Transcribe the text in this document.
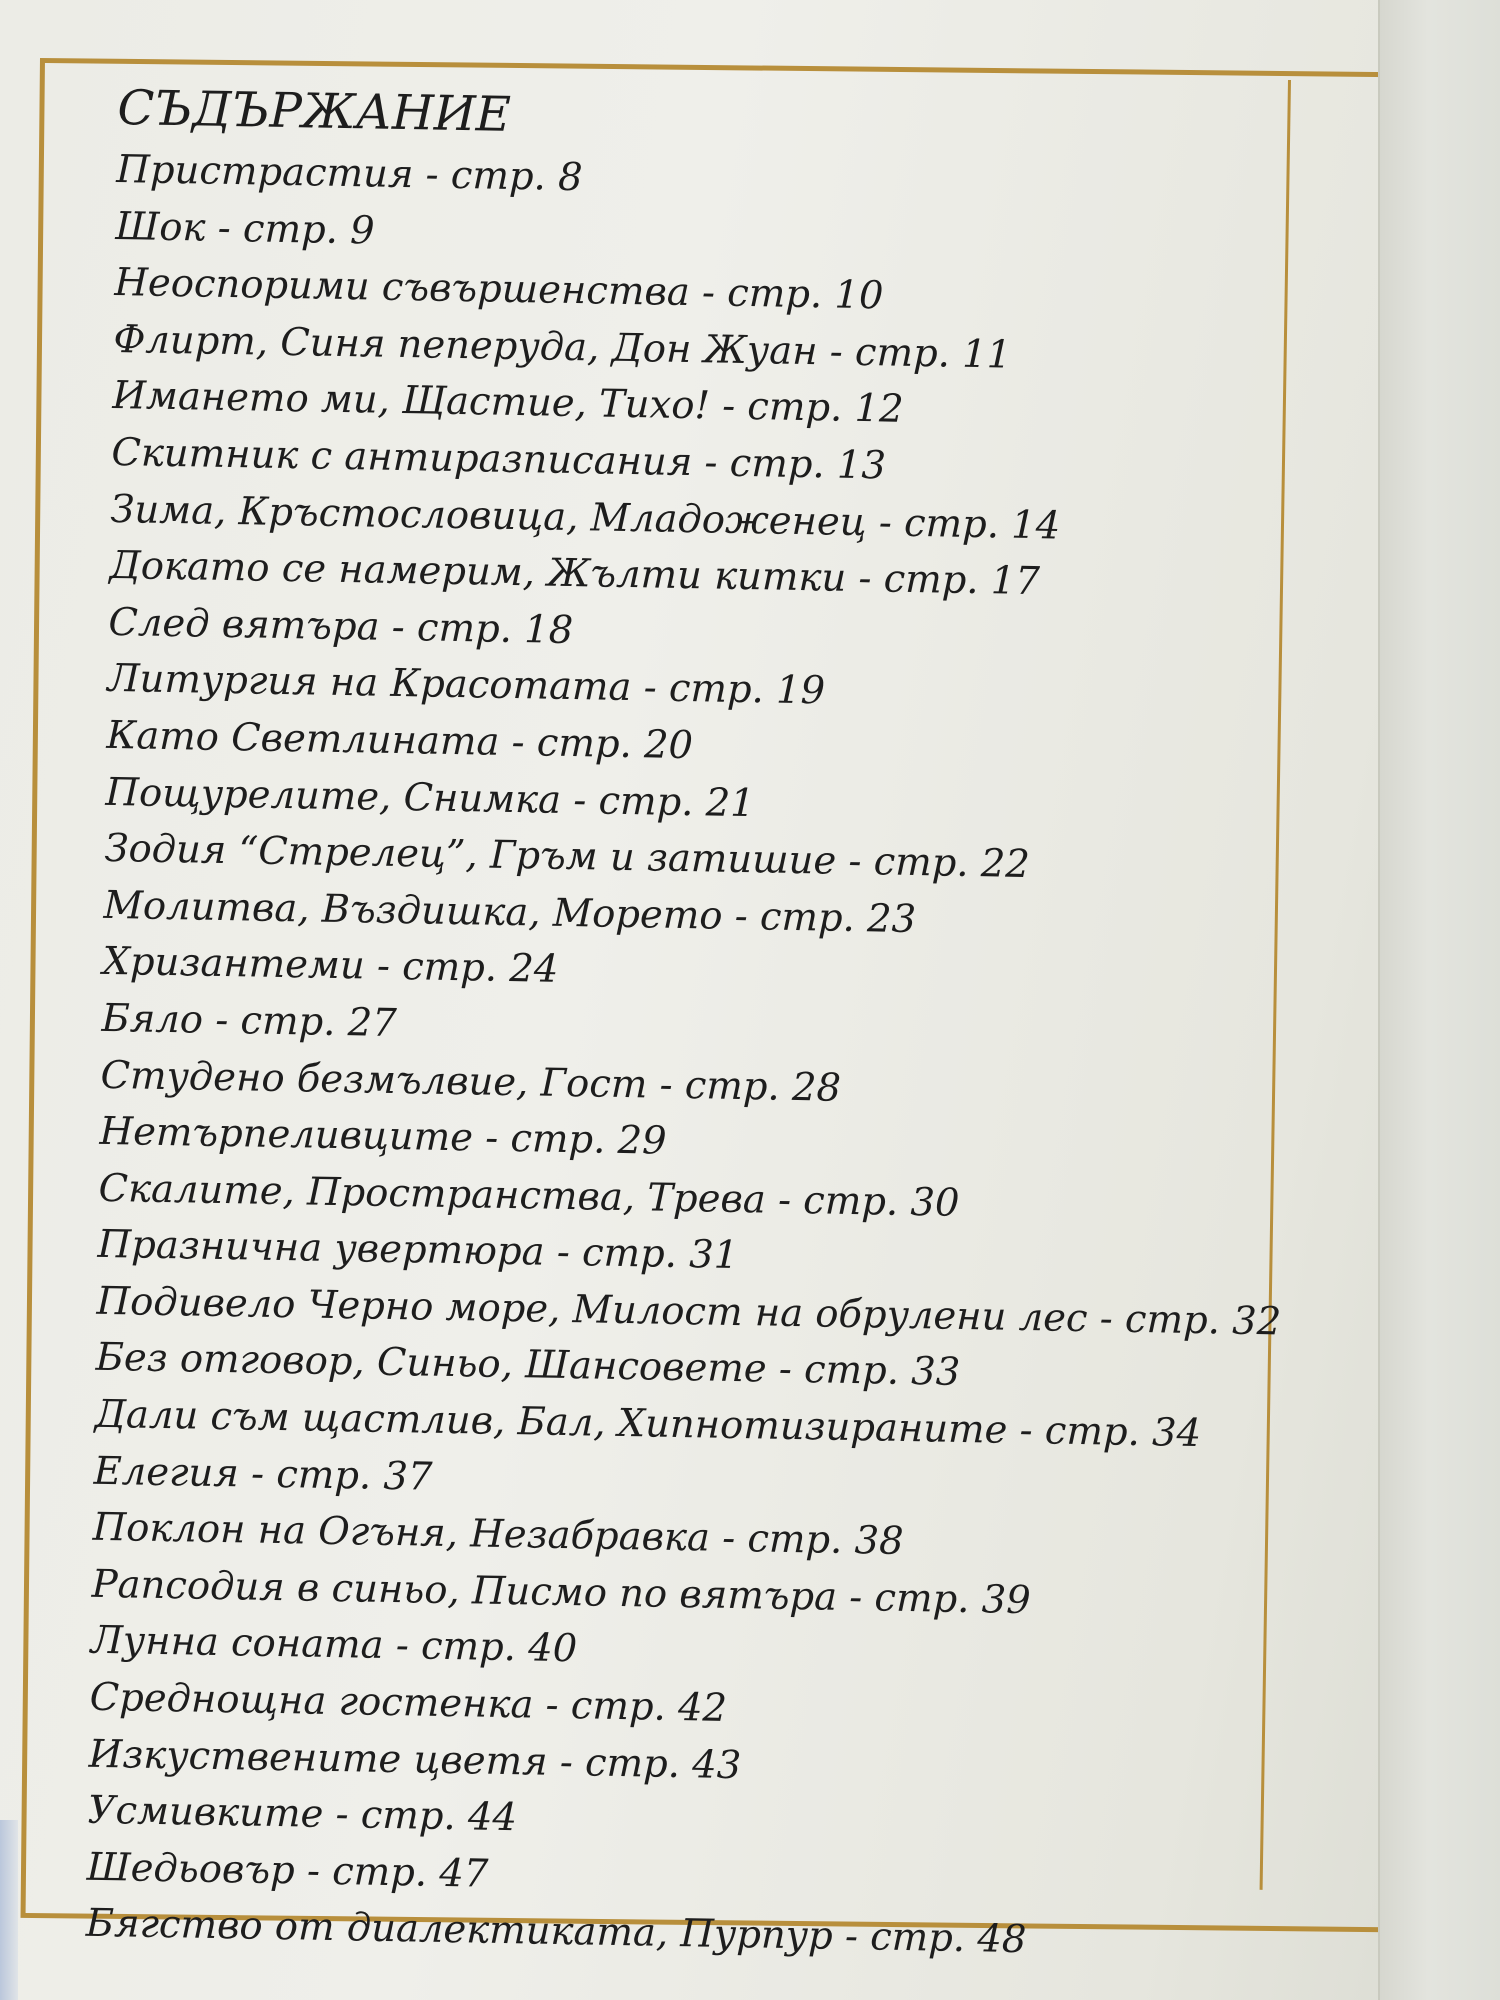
СЪДЪРЖАНИЕ
Пристрастия - стр. 8
Шок - стр. 9
Неоспорими съвършенства - стр. 10
Флирт, Синя пеперуда, Дон Жуан - стр. 11
Имането ми, Щастие, Тихо! - стр. 12
Скитник с антиразписания - стр. 13
Зима, Кръстословица, Младоженец - стр. 14
Докато се намерим, Жълти китки - стр. 17
След вятъра - стр. 18
Литургия на Красотата - стр. 19
Като Светлината - стр. 20
Пощурелите, Снимка - стр. 21
Зодия “Стрелец”, Гръм и затишие - стр. 22
Молитва, Въздишка, Морето - стр. 23
Хризантеми - стр. 24
Бяло - стр. 27
Студено безмълвие, Гост - стр. 28
Нетърпеливците - стр. 29
Скалите, Пространства, Трева - стр. 30
Празнична увертюра - стр. 31
Подивело Черно море, Милост на обрулени лес - стр. 32
Без отговор, Синьо, Шансовете - стр. 33
Дали съм щастлив, Бал, Хипнотизираните - стр. 34
Елегия - стр. 37
Поклон на Огъня, Незабравка - стр. 38
Рапсодия в синьо, Писмо по вятъра - стр. 39
Лунна соната - стр. 40
Среднощна гостенка - стр. 42
Изкуствените цветя - стр. 43
Усмивките - стр. 44
Шедьовър - стр. 47
Бягство от диалектиката, Пурпур - стр. 48
